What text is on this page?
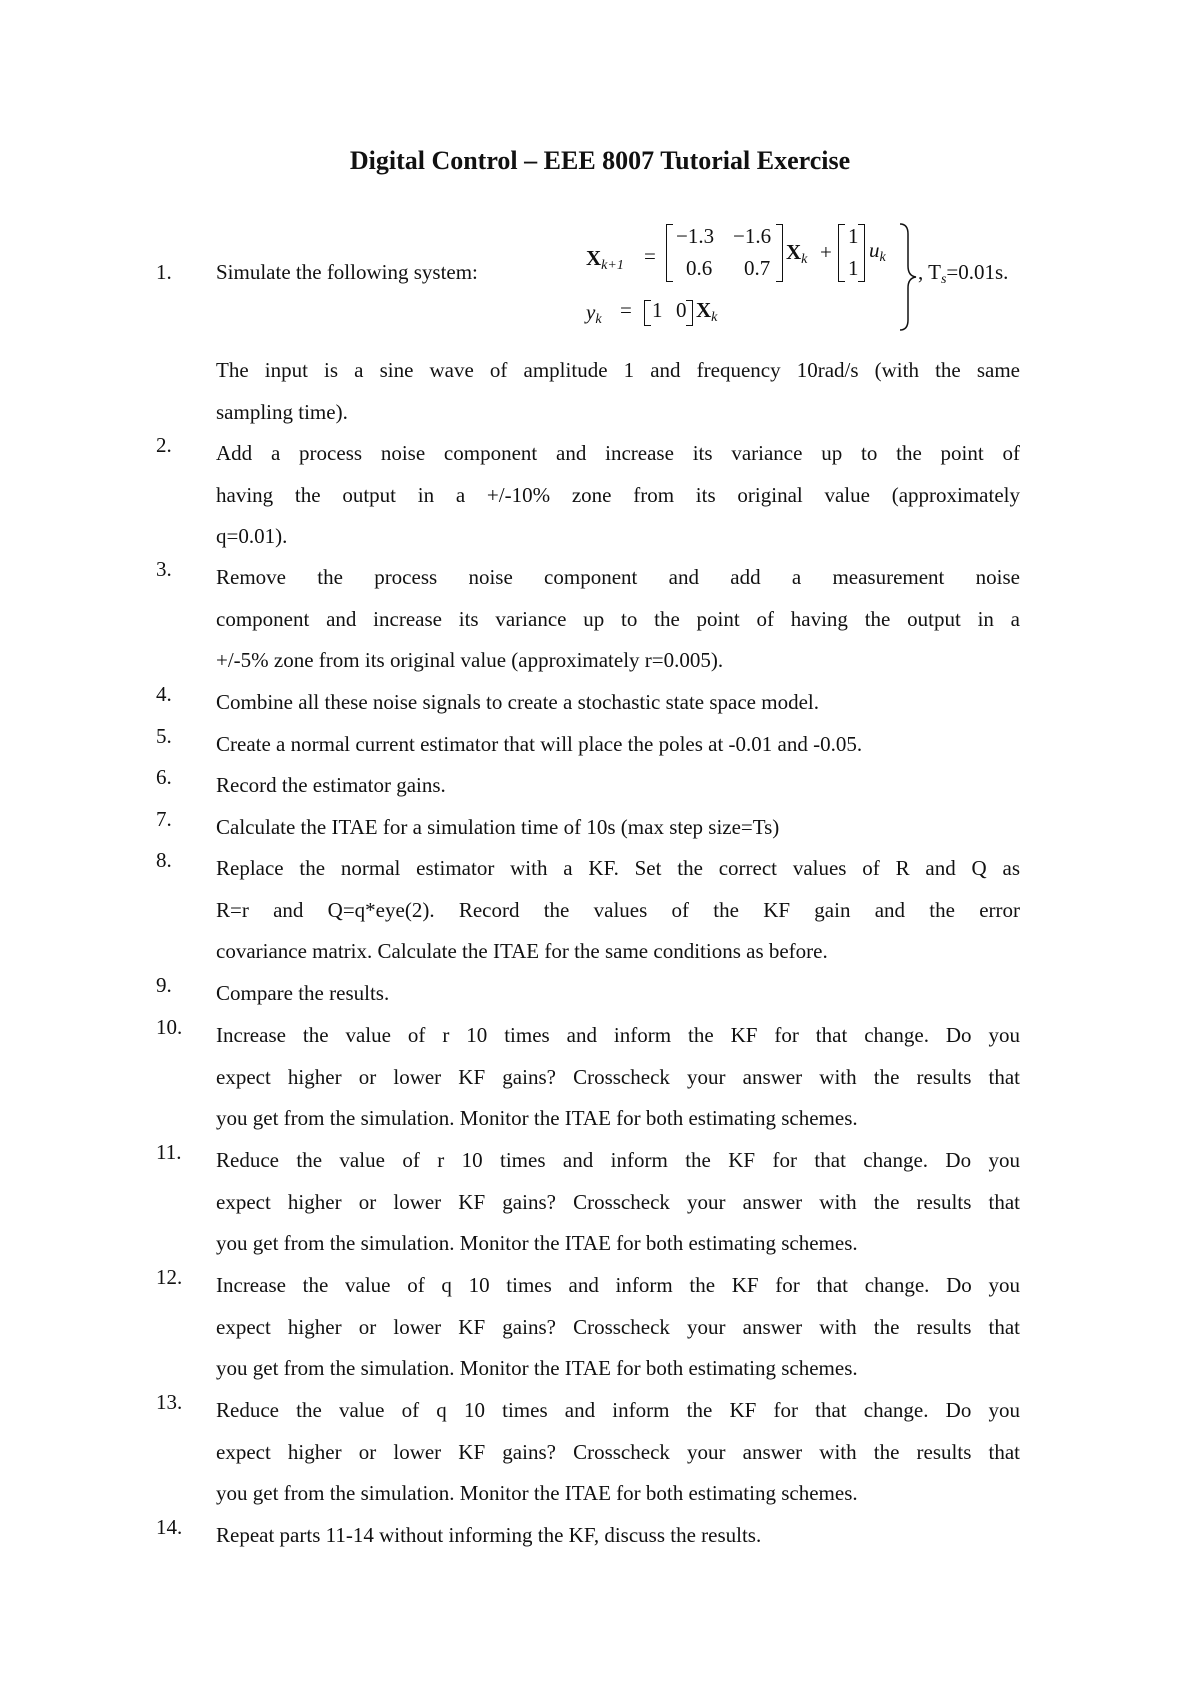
Digital Control – EEE 8007 Tutorial Exercise
1. Simulate the following system:
$X_{k+1}$ =
−1.3 −1.6
0.6 0.7
$X_k$ +
1
1
$u_k$
$y_k = 1$ 0 $X_k$
, $T_s=0.01s$.
The input is a sine wave of amplitude 1 and frequency 10rad/s (with the same
sampling time).
2.	Add a process noise component and increase its variance up to the point of
having the output in a +/-10% zone from its original value (approximately
q=0.01).
3.	Remove the process noise component and add a measurement noise
component and increase its variance up to the point of having the output in a
+/-5% zone from its original value (approximately r=0.005).
4.	Combine all these noise signals to create a stochastic state space model.
5.	Create a normal current estimator that will place the poles at -0.01 and -0.05.
6.	Record the estimator gains.
7.	Calculate the ITAE for a simulation time of 10s (max step size=Ts)
8.	Replace the normal estimator with a KF. Set the correct values of R and Q as
R=r and Q=q*eye(2). Record the values of the KF gain and the error
covariance matrix. Calculate the ITAE for the same conditions as before.
9.	Compare the results.
10.	Increase the value of r 10 times and inform the KF for that change. Do you
expect higher or lower KF gains? Crosscheck your answer with the results that
you get from the simulation. Monitor the ITAE for both estimating schemes.
11.	Reduce the value of r 10 times and inform the KF for that change. Do you
expect higher or lower KF gains? Crosscheck your answer with the results that
you get from the simulation. Monitor the ITAE for both estimating schemes.
12.	Increase the value of q 10 times and inform the KF for that change. Do you
expect higher or lower KF gains? Crosscheck your answer with the results that
you get from the simulation. Monitor the ITAE for both estimating schemes.
13.	Reduce the value of q 10 times and inform the KF for that change. Do you
expect higher or lower KF gains? Crosscheck your answer with the results that
you get from the simulation. Monitor the ITAE for both estimating schemes.
14.	Repeat parts 11-14 without informing the KF, discuss the results.
